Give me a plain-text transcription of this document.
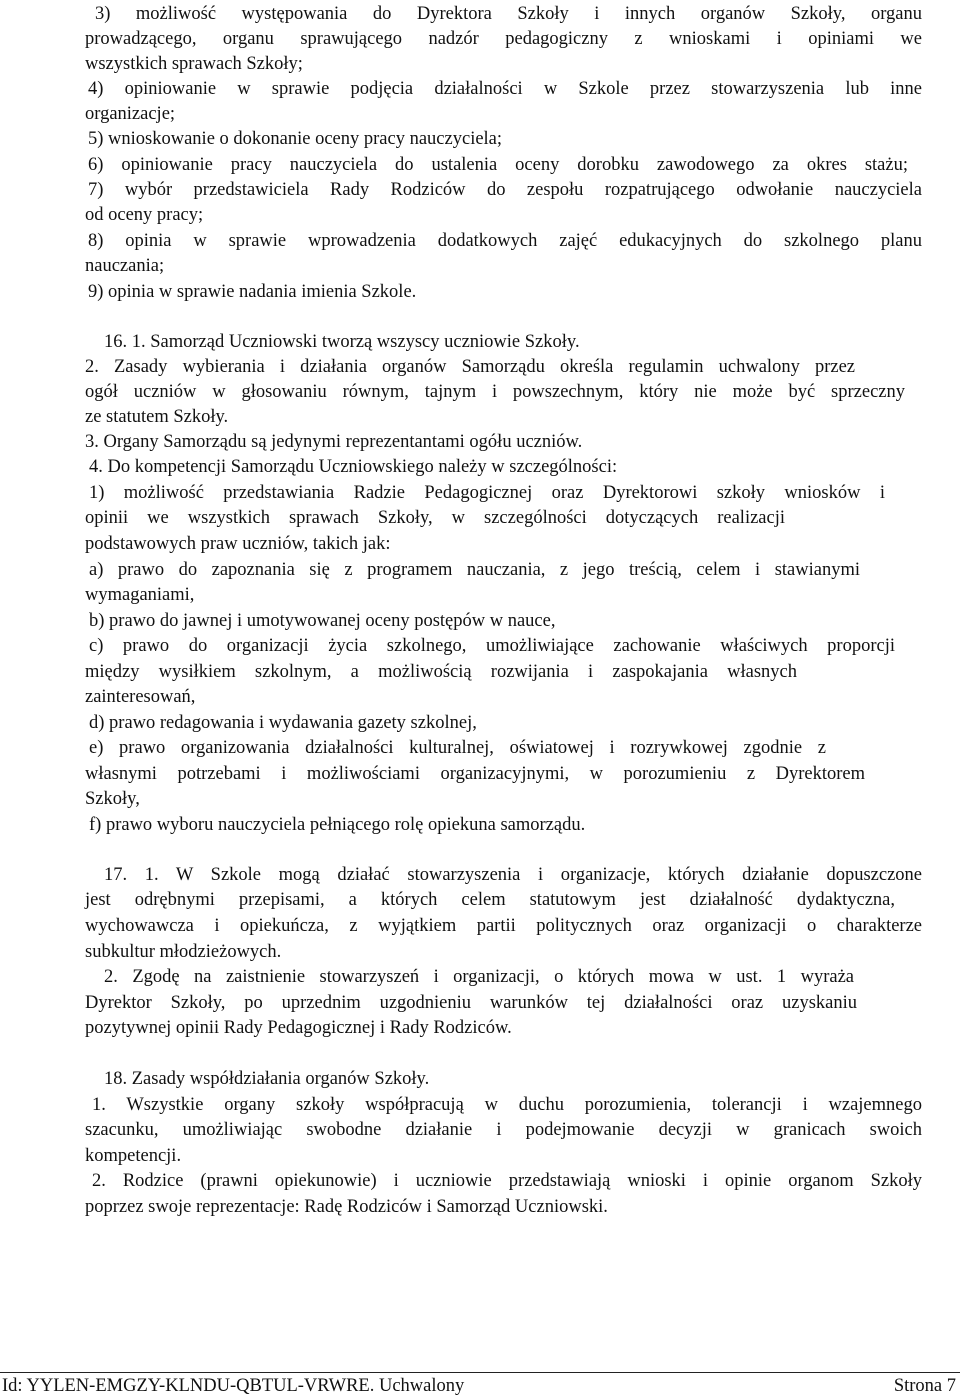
3) możliwość występowania do Dyrektora Szkoły i innych organów Szkoły, organu
prowadzącego, organu sprawującego nadzór pedagogiczny z wnioskami i opiniami we
wszystkich sprawach Szkoły;
4) opiniowanie w sprawie podjęcia działalności w Szkole przez stowarzyszenia lub inne
organizacje;
5) wnioskowanie o dokonanie oceny pracy nauczyciela;
6) opiniowanie pracy nauczyciela do ustalenia oceny dorobku zawodowego za okres stażu;
7) wybór przedstawiciela Rady Rodziców do zespołu rozpatrującego odwołanie nauczyciela
od oceny pracy;
8) opinia w sprawie wprowadzenia dodatkowych zajęć edukacyjnych do szkolnego planu
nauczania;
9) opinia w sprawie nadania imienia Szkole.
16. 1. Samorząd Uczniowski tworzą wszyscy uczniowie Szkoły.
2. Zasady wybierania i działania organów Samorządu określa regulamin uchwalony przez
ogół uczniów w głosowaniu równym, tajnym i powszechnym, który nie może być sprzeczny
ze statutem Szkoły.
3. Organy Samorządu są jedynymi reprezentantami ogółu uczniów.
4. Do kompetencji Samorządu Uczniowskiego należy w szczególności:
1) możliwość przedstawiania Radzie Pedagogicznej oraz Dyrektorowi szkoły wniosków i
opinii we wszystkich sprawach Szkoły, w szczególności dotyczących realizacji
podstawowych praw uczniów, takich jak:
a) prawo do zapoznania się z programem nauczania, z jego treścią, celem i stawianymi
wymaganiami,
b) prawo do jawnej i umotywowanej oceny postępów w nauce,
c) prawo do organizacji życia szkolnego, umożliwiające zachowanie właściwych proporcji
między wysiłkiem szkolnym, a możliwością rozwijania i zaspokajania własnych
zainteresowań,
d) prawo redagowania i wydawania gazety szkolnej,
e) prawo organizowania działalności kulturalnej, oświatowej i rozrywkowej zgodnie z
własnymi potrzebami i możliwościami organizacyjnymi, w porozumieniu z Dyrektorem
Szkoły,
f) prawo wyboru nauczyciela pełniącego rolę opiekuna samorządu.
17. 1. W Szkole mogą działać stowarzyszenia i organizacje, których działanie dopuszczone
jest odrębnymi przepisami, a których celem statutowym jest działalność dydaktyczna,
wychowawcza i opiekuńcza, z wyjątkiem partii politycznych oraz organizacji o charakterze
subkultur młodzieżowych.
2. Zgodę na zaistnienie stowarzyszeń i organizacji, o których mowa w ust. 1 wyraża
Dyrektor Szkoły, po uprzednim uzgodnieniu warunków tej działalności oraz uzyskaniu
pozytywnej opinii Rady Pedagogicznej i Rady Rodziców.
18. Zasady współdziałania organów Szkoły.
1. Wszystkie organy szkoły współpracują w duchu porozumienia, tolerancji i wzajemnego
szacunku, umożliwiając swobodne działanie i podejmowanie decyzji w granicach swoich
kompetencji.
2. Rodzice (prawni opiekunowie) i uczniowie przedstawiają wnioski i opinie organom Szkoły
poprzez swoje reprezentacje: Radę Rodziców i Samorząd Uczniowski.
Id: YYLEN-EMGZY-KLNDU-QBTUL-VRWRE. Uchwalony	Strona 7
